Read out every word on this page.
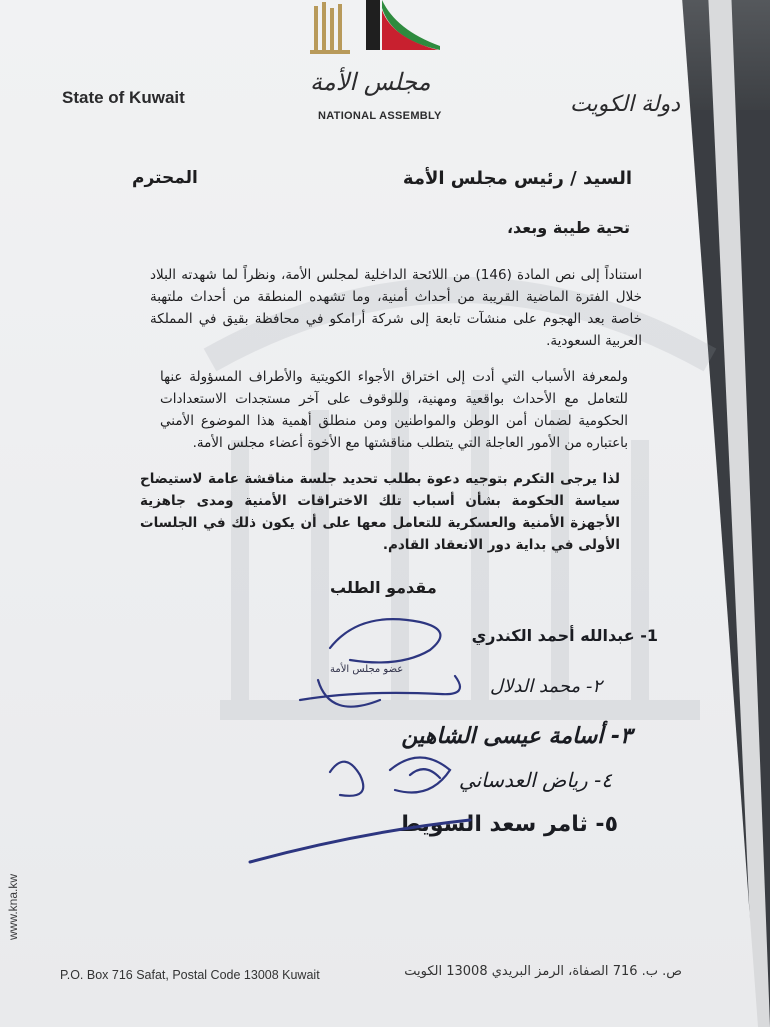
مجلس الأمة
NATIONAL ASSEMBLY
State of Kuwait	دولة الكويت
السيد / رئيس مجلس الأمة
المحترم
تحية طيبة وبعد،

استناداً إلى نص المادة (146) من اللائحة الداخلية لمجلس الأمة، ونظراً لما شهدته البلاد خلال الفترة الماضية القريبة من أحداث أمنية، وما تشهده المنطقة من أحداث ملتهبة خاصة بعد الهجوم على منشآت تابعة إلى شركة أرامكو في محافظة بقيق في المملكة العربية السعودية.

ولمعرفة الأسباب التي أدت إلى اختراق الأجواء الكويتية والأطراف المسؤولة عنها للتعامل مع الأحداث بواقعية ومهنية، وللوقوف على آخر مستجدات الاستعدادات الحكومية لضمان أمن الوطن والمواطنين ومن منطلق أهمية هذا الموضوع الأمني باعتباره من الأمور العاجلة التي يتطلب مناقشتها مع الأخوة أعضاء مجلس الأمة.

لذا يرجى التكرم بتوجيه دعوة بطلب تحديد جلسة مناقشة عامة لاستيضاح سياسة الحكومة بشأن أسباب تلك الاختراقات الأمنية ومدى جاهزية الأجهزة الأمنية والعسكرية للتعامل معها على أن يكون ذلك في الجلسات الأولى في بداية دور الانعقاد القادم.

مقدمو الطلب
1- عبدالله أحمد الكندري
٢- محمد الدلال
٣- أسامة عيسى الشاهين
٤- رياض العدساني
٥- ثامر سعد السويط
عضو مجلس الأمة
www.kna.kw
P.O. Box 716 Safat, Postal Code 13008 Kuwait	ص. ب. 716 الصفاة، الرمز البريدي 13008 الكويت
